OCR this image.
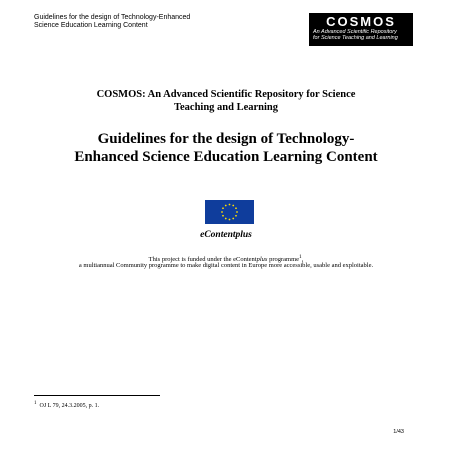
Guidelines for the design of Technology-Enhanced
Science Education Learning Content	COSMOS
An Advanced Scientific Repository
for Science Teaching and Learning
COSMOS: An Advanced Scientific Repository for Science
Teaching and Learning
Guidelines for the design of Technology-
Enhanced Science Education Learning Content
eContentplus
This project is funded under the eContentplus programme$^1$,
a multiannual Community programme to make digital content in Europe more accessible, usable and exploitable.
$^1$ OJ L 79, 24.3.2005, p. 1.
1/43
